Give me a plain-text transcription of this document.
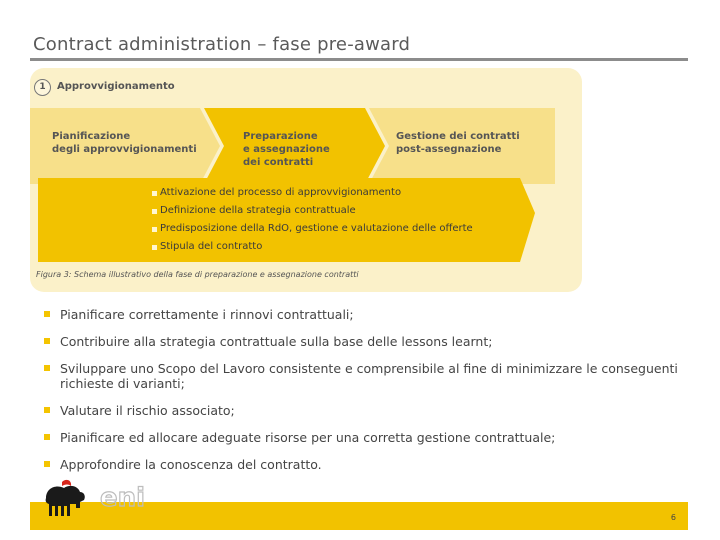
Contract administration – fase pre-award
1 Approvvigionamento
Pianificazione
degli approvvigionamenti
Preparazione
e assegnazione
dei contratti
Gestione dei contratti
post-assegnazione
Attivazione del processo di approvvigionamento
Definizione della strategia contrattuale
Predisposizione della RdO, gestione e valutazione delle offerte
Stipula del contratto
Figura 3: Schema illustrativo della fase di preparazione e assegnazione contratti
Pianificare correttamente i rinnovi contrattuali;
Contribuire alla strategia contrattuale sulla base delle lessons learnt;
Sviluppare uno Scopo del Lavoro consistente e comprensibile al fine di minimizzare le conseguenti richieste di varianti;
Valutare il rischio associato;
Pianificare ed allocare adeguate risorse per una corretta gestione contrattuale;
Approfondire la conoscenza del contratto.
eni
6
